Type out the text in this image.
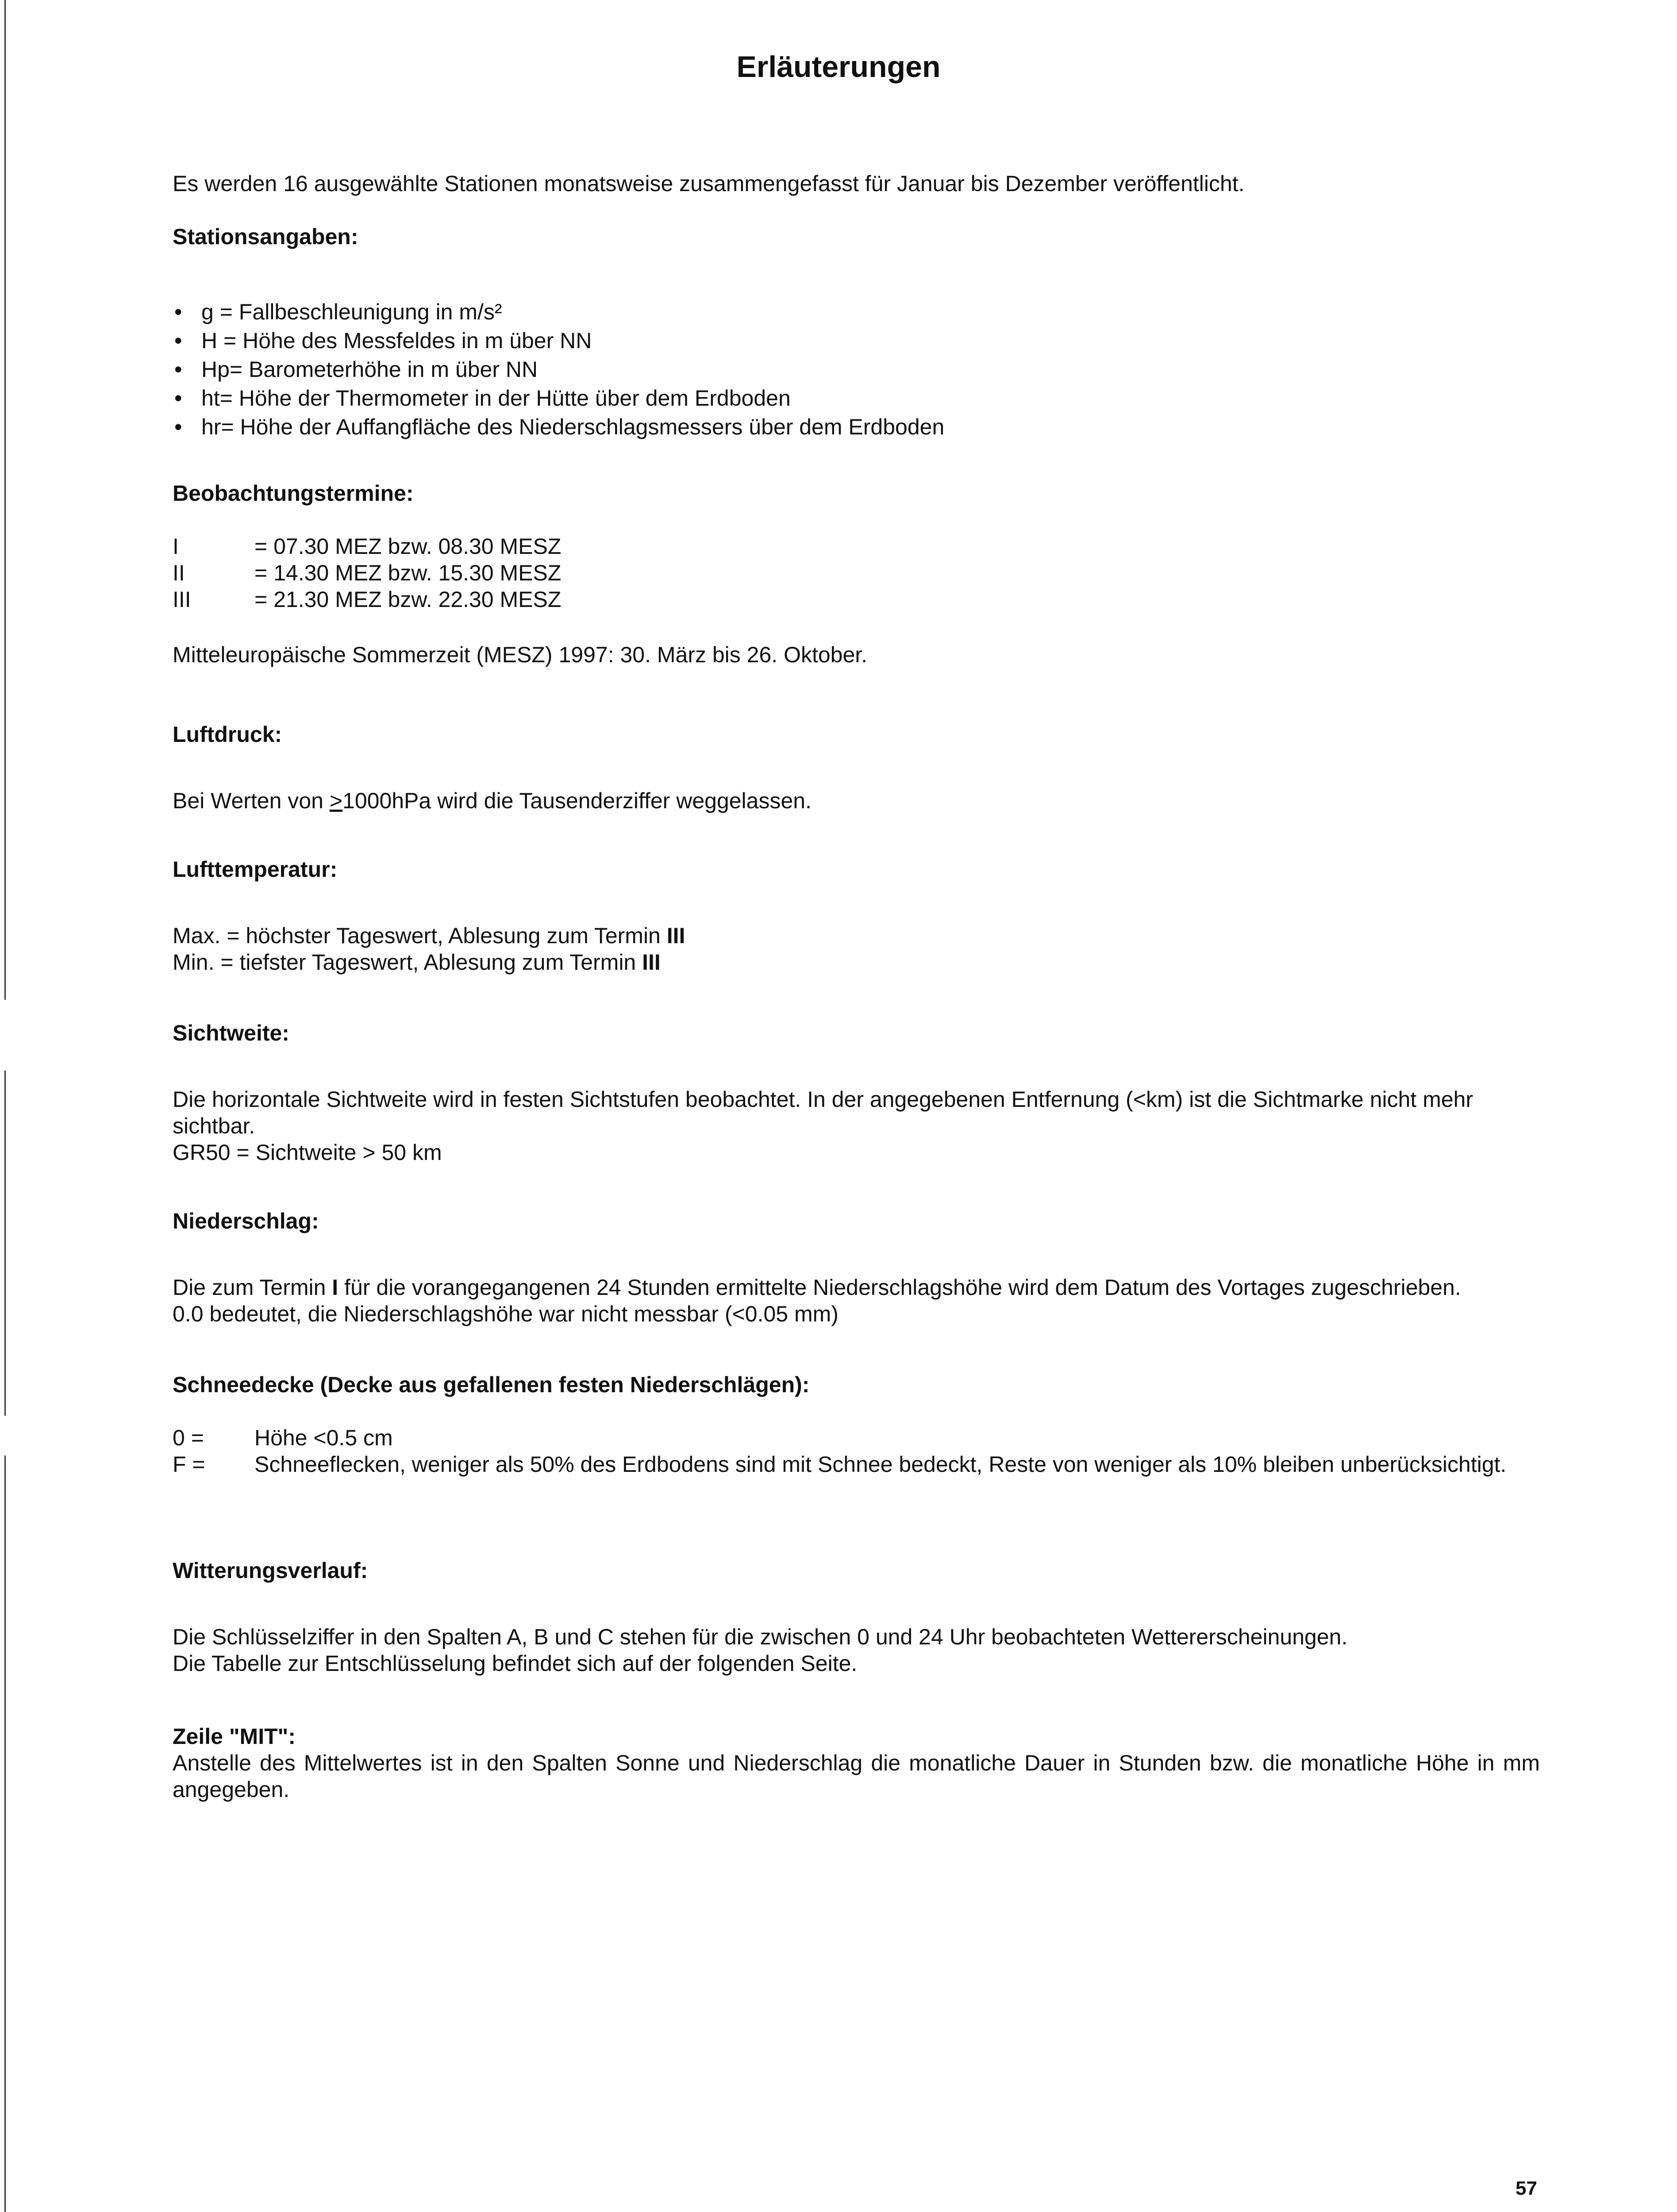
Erläuterungen

Es werden 16 ausgewählte Stationen monatsweise zusammengefasst für Januar bis Dezember veröffentlicht.

Stationsangaben:

• g = Fallbeschleunigung in m/s²
• H = Höhe des Messfeldes in m über NN
• Hp= Barometerhöhe in m über NN
• ht= Höhe der Thermometer in der Hütte über dem Erdboden
• hr= Höhe der Auffangfläche des Niederschlagsmessers über dem Erdboden

Beobachtungstermine:

I	= 07.30 MEZ bzw. 08.30 MESZ
II	= 14.30 MEZ bzw. 15.30 MESZ
III	= 21.30 MEZ bzw. 22.30 MESZ

Mitteleuropäische Sommerzeit (MESZ) 1997: 30. März bis 26. Oktober.

Luftdruck:

Bei Werten von ≥1000hPa wird die Tausenderziffer weggelassen.

Lufttemperatur:

Max. = höchster Tageswert, Ablesung zum Termin III

Min. = tiefster Tageswert, Ablesung zum Termin III

Sichtweite:

Die horizontale Sichtweite wird in festen Sichtstufen beobachtet. In der angegebenen Entfernung (<km) ist die Sichtmarke nicht mehr sichtbar.

GR50 = Sichtweite > 50 km

Niederschlag:

Die zum Termin I für die vorangegangenen 24 Stunden ermittelte Niederschlagshöhe wird dem Datum des Vortages zugeschrieben.

0.0 bedeutet, die Niederschlagshöhe war nicht messbar (<0.05 mm)

Schneedecke (Decke aus gefallenen festen Niederschlägen):

0 =	Höhe <0.5 cm
F =	Schneeflecken, weniger als 50% des Erdbodens sind mit Schnee bedeckt, Reste von weniger als 10% bleiben unberücksichtigt.

Witterungsverlauf:

Die Schlüsselziffer in den Spalten A, B und C stehen für die zwischen 0 und 24 Uhr beobachteten Wettererscheinungen.

Die Tabelle zur Entschlüsselung befindet sich auf der folgenden Seite.

Zeile "MIT":

Anstelle des Mittelwertes ist in den Spalten Sonne und Niederschlag die monatliche Dauer in Stunden bzw. die monatliche Höhe in mm angegeben.

57
